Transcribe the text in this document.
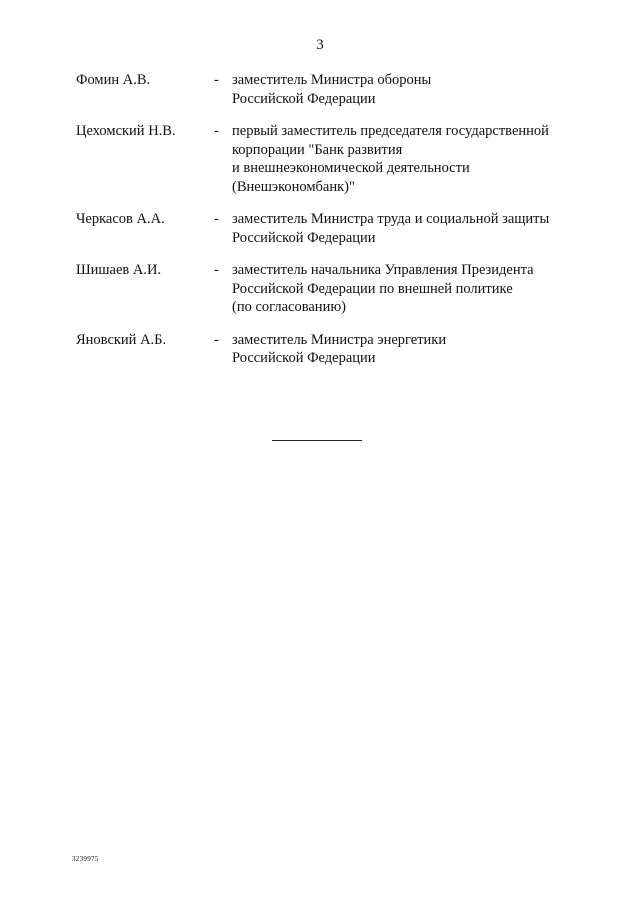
3
Фомин А.В.	- заместитель Министра обороны
Российской Федерации
Цехомский Н.В.	- первый заместитель председателя государственной
корпорации "Банк развития
и внешнеэкономической деятельности
(Внешэкономбанк)"
Черкасов А.А.	- заместитель Министра труда и социальной защиты
Российской Федерации
Шишаев А.И.	- заместитель начальника Управления Президента
Российской Федерации по внешней политике
(по согласованию)
Яновский А.Б.	- заместитель Министра энергетики
Российской Федерации
3239975
